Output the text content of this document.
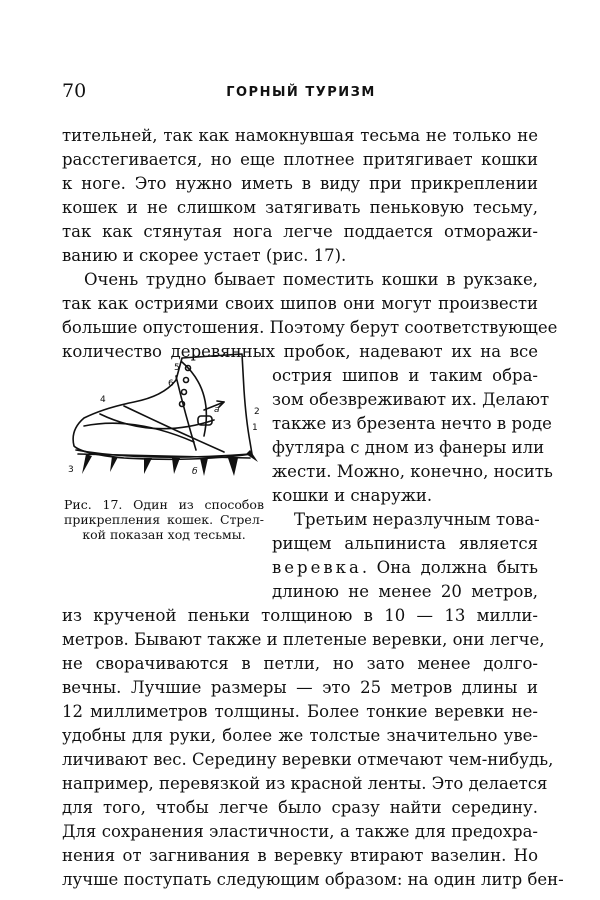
70	ГОРНЫЙ ТУРИЗМ
тительней, так как намокнувшая тесьма не только не
расстегивается, но еще плотнее притягивает кошки
к ноге. Это нужно иметь в виду при прикреплении
кошек и не слишком затягивать пеньковую тесьму,
так как стянутая нога легче поддается отморажи-
ванию и скорее устает (рис. 17).
Очень трудно бывает поместить кошки в рукзаке,
так как остриями своих шипов они могут произвести
большие опустошения. Поэтому берут соответствующее
количество деревянных пробок, надевают их на все
острия шипов и таким обра-
зом обезвреживают их. Делают
также из брезента нечто в роде
футляра с дном из фанеры или
жести. Можно, конечно, носить
кошки и снаружи.
Третьим неразлучным това-
рищем альпиниста является
веревка. Она должна быть
длиною не менее 20 метров,
из крученой пеньки толщиною в 10 — 13 милли-
метров. Бывают также и плетеные веревки, они легче,
не сворачиваются в петли, но зато менее долго-
вечны. Лучшие размеры — это 25 метров длины и
12 миллиметров толщины. Более тонкие веревки не-
удобны для руки, более же толстые значительно уве-
личивают вес. Середину веревки отмечают чем-нибудь,
например, перевязкой из красной ленты. Это делается
для того, чтобы легче было сразу найти середину.
Для сохранения эластичности, а также для предохра-
нения от загнивания в веревку втирают вазелин. Но
лучше поступать следующим образом: на один литр бен-
1
2
3
4
5
6
а
б
Рис. 17. Один из способов
прикрепления кошек. Стрел-
кой показан ход тесьмы.
